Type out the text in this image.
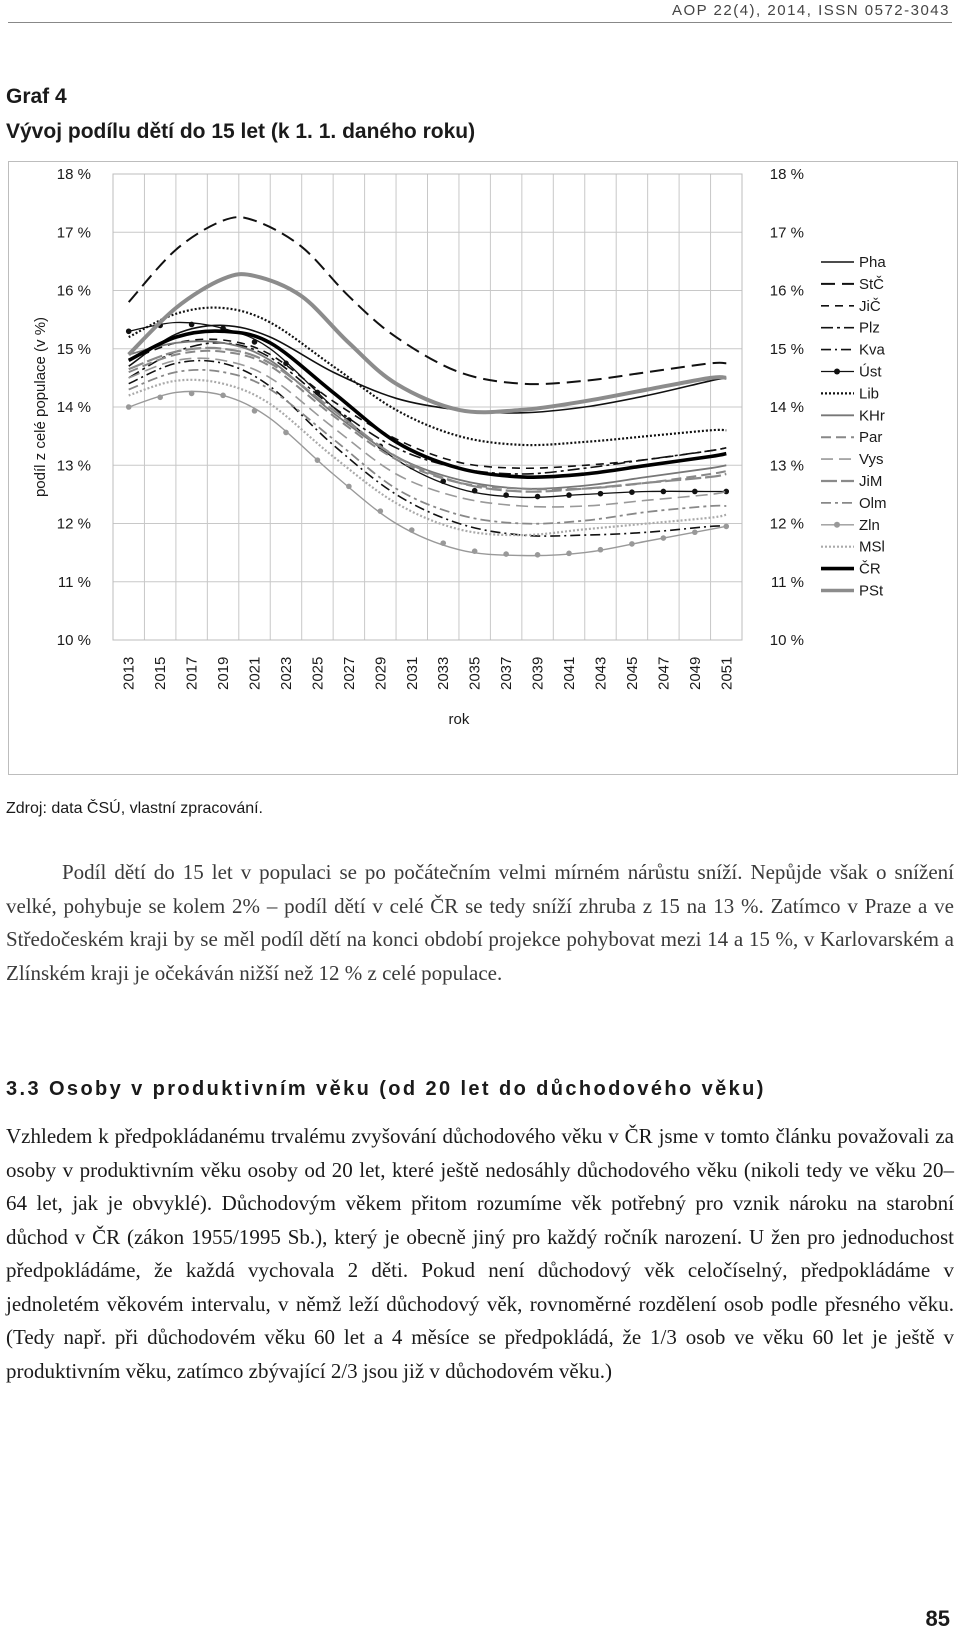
AOP 22(4), 2014, ISSN 0572-3043
Graf 4
Vývoj podílu dětí do 15 let (k 1. 1. daného roku)
10 %	10 %
11 %	11 %
12 %	12 %
13 %	13 %
14 %	14 %
15 %	15 %
16 %	16 %
17 %	17 %
18 %	18 %
2013 2015 2017 2019 2021 2023 2025 2027 2029 2031 2033 2035 2037 2039 2041 2043 2045 2047 2049 2051
Pha
StČ
JiČ
Plz
Kva
Úst
Lib
KHr
Par
Vys
JiM
Olm
Zln
MSl
ČR
PSt
podíl z celé populace (v %)
rok
Zdroj: data ČSÚ, vlastní zpracování.

Podíl dětí do 15 let v populaci se po počátečním velmi mírném nárůstu sníží. Nepůjde však o snížení velké, pohybuje se kolem 2% – podíl dětí v celé ČR se tedy sníží zhruba z 15 na 13 %. Zatímco v Praze a ve Středočeském kraji by se měl podíl dětí na konci období projekce pohybovat mezi 14 a 15 %, v Karlovarském a Zlínském kraji je očekáván nižší než 12 % z celé populace.

3.3 Osoby v produktivním věku (od 20 let do důchodového věku)

Vzhledem k předpokládanému trvalému zvyšování důchodového věku v ČR jsme v tomto článku považovali za osoby v produktivním věku osoby od 20 let, které ještě nedosáhly důchodového věku (nikoli tedy ve věku 20–64 let, jak je obvyklé). Důchodovým věkem přitom rozumíme věk potřebný pro vznik nároku na starobní důchod v ČR (zákon 1955/1995 Sb.), který je obecně jiný pro každý ročník narození. U žen pro jednoduchost předpokládáme, že každá vychovala 2 děti. Pokud není důchodový věk celočíselný, předpokládáme v jednoletém věkovém intervalu, v němž leží důchodový věk, rovnoměrné rozdělení osob podle přesného věku. (Tedy např. při důchodovém věku 60 let a 4 měsíce se předpokládá, že 1/3 osob ve věku 60 let je ještě v produktivním věku, zatímco zbývající 2/3 jsou již v důchodovém věku.)

85
